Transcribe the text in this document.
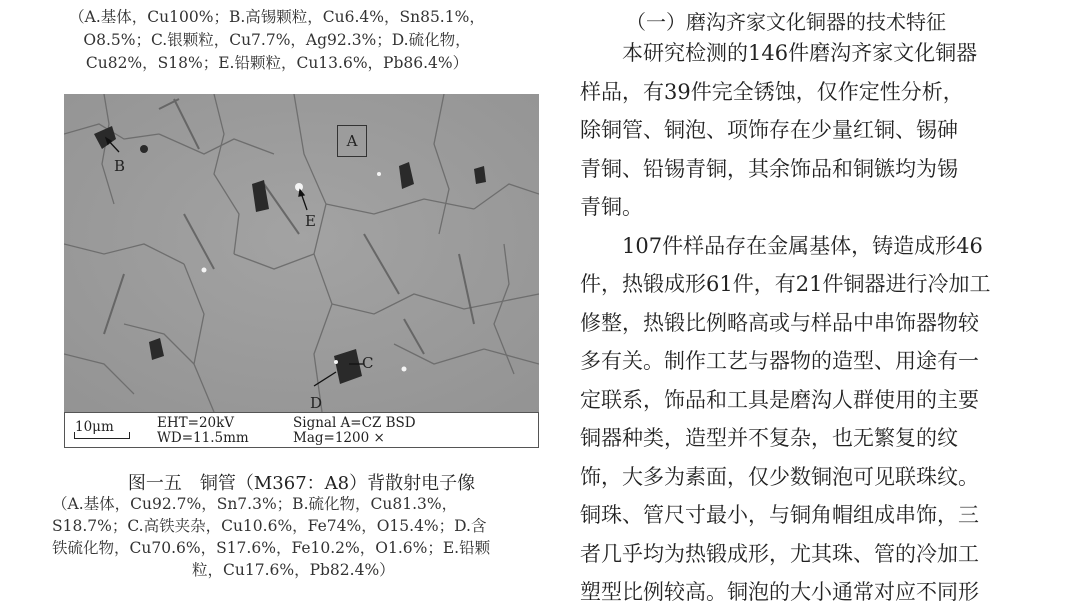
（A.基体，Cu100%；B.高锡颗粒，Cu6.4%，Sn85.1%，
O8.5%；C.银颗粒，Cu7.7%，Ag92.3%；D.硫化物，
Cu82%，S18%；E.铅颗粒，Cu13.6%，Pb86.4%）
A
B
E
C
D
10μm	EHT=20kV
WD=11.5mm
Signal A=CZ BSD
Mag=1200 ×
图一五　铜管（M367：A8）背散射电子像
（A.基体，Cu92.7%，Sn7.3%；B.硫化物，Cu81.3%，
S18.7%；C.高铁夹杂，Cu10.6%，Fe74%，O15.4%；D.含
铁硫化物，Cu70.6%，S17.6%，Fe10.2%，O1.6%；E.铅颗
粒，Cu17.6%，Pb82.4%）
（一）磨沟齐家文化铜器的技术特征
　　本研究检测的146件磨沟齐家文化铜器
样品，有39件完全锈蚀，仅作定性分析，
除铜管、铜泡、项饰存在少量红铜、锡砷
青铜、铅锡青铜，其余饰品和铜镞均为锡
青铜。
　　107件样品存在金属基体，铸造成形46
件，热锻成形61件，有21件铜器进行冷加工
修整，热锻比例略高或与样品中串饰器物较
多有关。制作工艺与器物的造型、用途有一
定联系，饰品和工具是磨沟人群使用的主要
铜器种类，造型并不复杂，也无繁复的纹
饰，大多为素面，仅少数铜泡可见联珠纹。
铜珠、管尺寸最小，与铜角帽组成串饰，三
者几乎均为热锻成形，尤其珠、管的冷加工
塑型比例较高。铜泡的大小通常对应不同形
